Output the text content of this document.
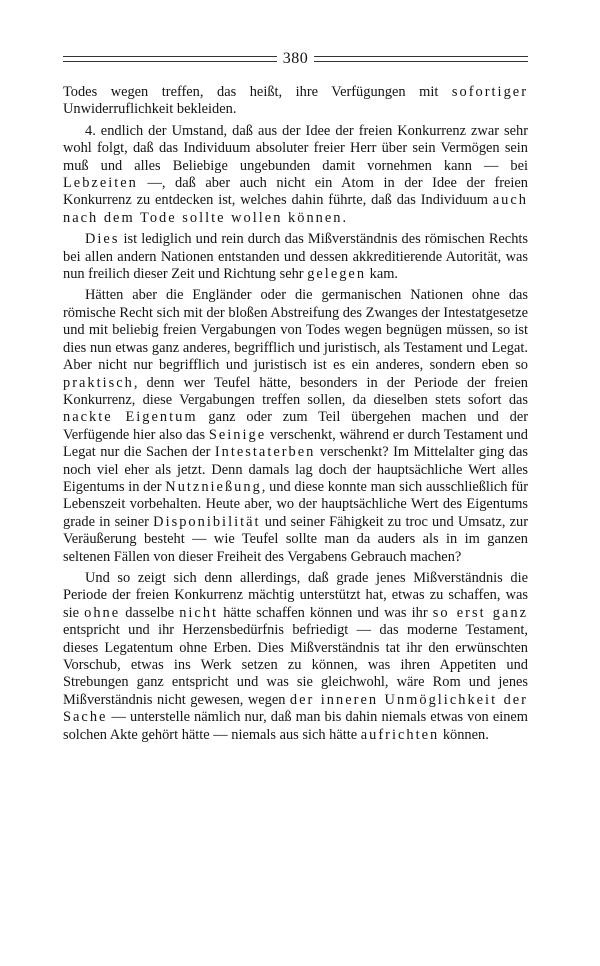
380

Todes wegen treffen, das heißt, ihre Verfügungen mit sofortiger Unwiderruflichkeit bekleiden.

4. endlich der Umstand, daß aus der Idee der freien Konkurrenz zwar sehr wohl folgt, daß das Individuum absoluter freier Herr über sein Vermögen sein muß und alles Beliebige ungebunden damit vornehmen kann — bei Lebzeiten —, daß aber auch nicht ein Atom in der Idee der freien Konkurrenz zu entdecken ist, welches dahin führte, daß das Individuum auch nach dem Tode sollte wollen können.

Dies ist lediglich und rein durch das Mißverständnis des römischen Rechts bei allen andern Nationen entstanden und dessen akkreditierende Autorität, was nun freilich dieser Zeit und Richtung sehr gelegen kam.

Hätten aber die Engländer oder die germanischen Nationen ohne das römische Recht sich mit der bloßen Abstreifung des Zwanges der Intestatgesetze und mit beliebig freien Vergabungen von Todes wegen begnügen müssen, so ist dies nun etwas ganz anderes, begrifflich und juristisch, als Testament und Legat. Aber nicht nur begrifflich und juristisch ist es ein anderes, sondern eben so praktisch, denn wer Teufel hätte, besonders in der Periode der freien Konkurrenz, diese Vergabungen treffen sollen, da dieselben stets sofort das nackte Eigentum ganz oder zum Teil übergehen machen und der Verfügende hier also das Seinige verschenkt, während er durch Testament und Legat nur die Sachen der Intestaterben verschenkt? Im Mittelalter ging das noch viel eher als jetzt. Denn damals lag doch der hauptsächliche Wert alles Eigentums in der Nutznießung, und diese konnte man sich ausschließlich für Lebenszeit vorbehalten. Heute aber, wo der hauptsächliche Wert des Eigentums grade in seiner Disponibilität und seiner Fähigkeit zu troc und Umsatz, zur Veräußerung besteht — wie Teufel sollte man da auders als in im ganzen seltenen Fällen von dieser Freiheit des Vergabens Gebrauch machen?

Und so zeigt sich denn allerdings, daß grade jenes Mißverständnis die Periode der freien Konkurrenz mächtig unterstützt hat, etwas zu schaffen, was sie ohne dasselbe nicht hätte schaffen können und was ihr so erst ganz entspricht und ihr Herzensbedürfnis befriedigt — das moderne Testament, dieses Legatentum ohne Erben. Dies Mißverständnis tat ihr den erwünschten Vorschub, etwas ins Werk setzen zu können, was ihren Appetiten und Strebungen ganz entspricht und was sie gleichwohl, wäre Rom und jenes Mißverständnis nicht gewesen, wegen der inneren Unmöglichkeit der Sache — unterstelle nämlich nur, daß man bis dahin niemals etwas von einem solchen Akte gehört hätte — niemals aus sich hätte aufrichten können.
